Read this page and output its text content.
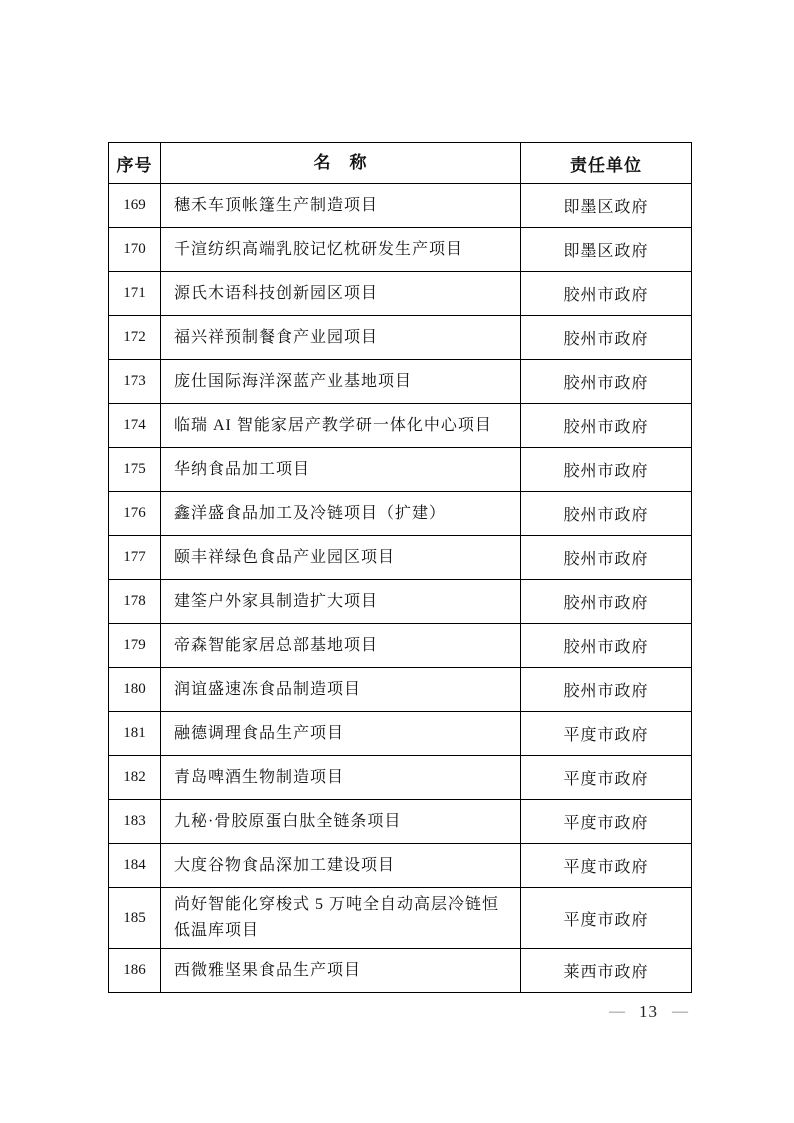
序号	名　称	责任单位
169	穗禾车顶帐篷生产制造项目	即墨区政府
170	千渲纺织高端乳胶记忆枕研发生产项目	即墨区政府
171	源氏木语科技创新园区项目	胶州市政府
172	福兴祥预制餐食产业园项目	胶州市政府
173	庞仕国际海洋深蓝产业基地项目	胶州市政府
174	临瑞 AI 智能家居产教学研一体化中心项目	胶州市政府
175	华纳食品加工项目	胶州市政府
176	鑫洋盛食品加工及冷链项目（扩建）	胶州市政府
177	颐丰祥绿色食品产业园区项目	胶州市政府
178	建筌户外家具制造扩大项目	胶州市政府
179	帝森智能家居总部基地项目	胶州市政府
180	润谊盛速冻食品制造项目	胶州市政府
181	融德调理食品生产项目	平度市政府
182	青岛啤酒生物制造项目	平度市政府
183	九秘·骨胶原蛋白肽全链条项目	平度市政府
184	大度谷物食品深加工建设项目	平度市政府
185	尚好智能化穿梭式 5 万吨全自动高层冷链恒低温库项目	平度市政府
186	西微雅坚果食品生产项目	莱西市政府
— 13 —
